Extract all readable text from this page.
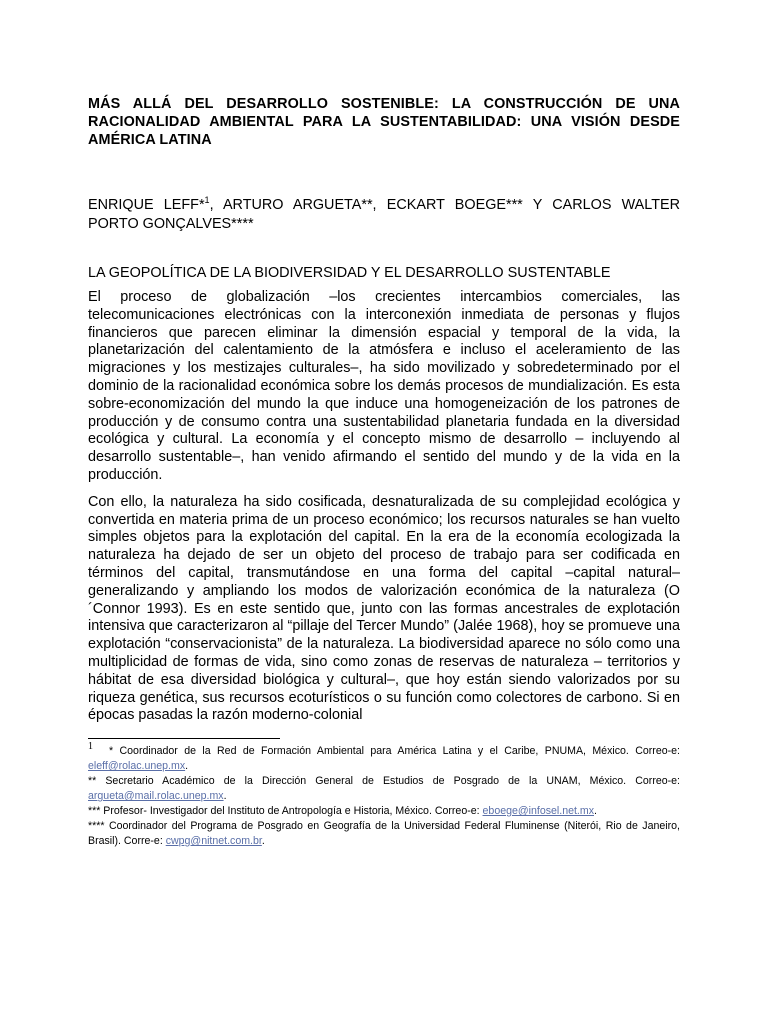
MÁS ALLÁ DEL DESARROLLO SOSTENIBLE: LA CONSTRUCCIÓN DE UNA RACIONALIDAD AMBIENTAL PARA LA SUSTENTABILIDAD: UNA VISIÓN DESDE AMÉRICA LATINA

ENRIQUE LEFF*$^1$, ARTURO ARGUETA**, ECKART BOEGE*** Y CARLOS WALTER PORTO GONÇALVES****

LA GEOPOLÍTICA DE LA BIODIVERSIDAD Y EL DESARROLLO SUSTENTABLE

El proceso de globalización –los crecientes intercambios comerciales, las telecomunicaciones electrónicas con la interconexión inmediata de personas y flujos financieros que parecen eliminar la dimensión espacial y temporal de la vida, la planetarización del calentamiento de la atmósfera e incluso el aceleramiento de las migraciones y los mestizajes culturales–, ha sido movilizado y sobredeterminado por el dominio de la racionalidad económica sobre los demás procesos de mundialización. Es esta sobre-economización del mundo la que induce una homogeneización de los patrones de producción y de consumo contra una sustentabilidad planetaria fundada en la diversidad ecológica y cultural. La economía y el concepto mismo de desarrollo – incluyendo al desarrollo sustentable–, han venido afirmando el sentido del mundo y de la vida en la producción.

Con ello, la naturaleza ha sido cosificada, desnaturalizada de su complejidad ecológica y convertida en materia prima de un proceso económico; los recursos naturales se han vuelto simples objetos para la explotación del capital. En la era de la economía ecologizada la naturaleza ha dejado de ser un objeto del proceso de trabajo para ser codificada en términos del capital, transmutándose en una forma del capital –capital natural– generalizando y ampliando los modos de valorización económica de la naturaleza (O´Connor 1993). Es en este sentido que, junto con las formas ancestrales de explotación intensiva que caracterizaron al “pillaje del Tercer Mundo” (Jalée 1968), hoy se promueve una explotación “conservacionista” de la naturaleza. La biodiversidad aparece no sólo como una multiplicidad de formas de vida, sino como zonas de reservas de naturaleza – territorios y hábitat de esa diversidad biológica y cultural–, que hoy están siendo valorizados por su riqueza genética, sus recursos ecoturísticos o su función como colectores de carbono. Si en épocas pasadas la razón moderno-colonial

1 * Coordinador de la Red de Formación Ambiental para América Latina y el Caribe, PNUMA, México. Correo-e: eleff@rolac.unep.mx.

** Secretario Académico de la Dirección General de Estudios de Posgrado de la UNAM, México. Correo-e: argueta@mail.rolac.unep.mx.

*** Profesor- Investigador del Instituto de Antropología e Historia, México. Correo-e: eboege@infosel.net.mx.

**** Coordinador del Programa de Posgrado en Geografía de la Universidad Federal Fluminense (Niterói, Rio de Janeiro, Brasil). Corre-e: cwpg@nitnet.com.br.
